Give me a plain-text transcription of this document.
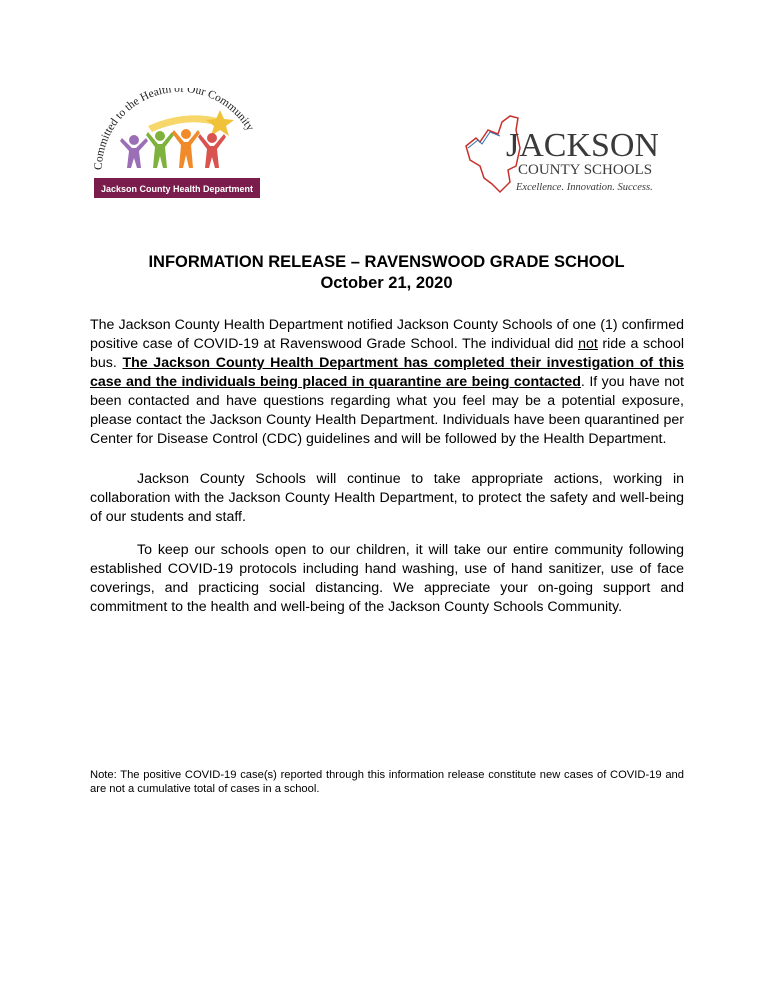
Committed to the Health of Our Community
Jackson County Health Department
JACKSON
COUNTY SCHOOLS
Excellence. Innovation. Success.
INFORMATION RELEASE – RAVENSWOOD GRADE SCHOOL
October 21, 2020
The Jackson County Health Department notified Jackson County Schools of one (1) confirmed positive case of COVID-19 at Ravenswood Grade School. The individual did not ride a school bus. The Jackson County Health Department has completed their investigation of this case and the individuals being placed in quarantine are being contacted. If you have not been contacted and have questions regarding what you feel may be a potential exposure, please contact the Jackson County Health Department. Individuals have been quarantined per Center for Disease Control (CDC) guidelines and will be followed by the Health Department.
Jackson County Schools will continue to take appropriate actions, working in collaboration with the Jackson County Health Department, to protect the safety and well-being of our students and staff.
To keep our schools open to our children, it will take our entire community following established COVID-19 protocols including hand washing, use of hand sanitizer, use of face coverings, and practicing social distancing. We appreciate your on-going support and commitment to the health and well-being of the Jackson County Schools Community.
Note: The positive COVID-19 case(s) reported through this information release constitute new cases of COVID-19 and are not a cumulative total of cases in a school.
